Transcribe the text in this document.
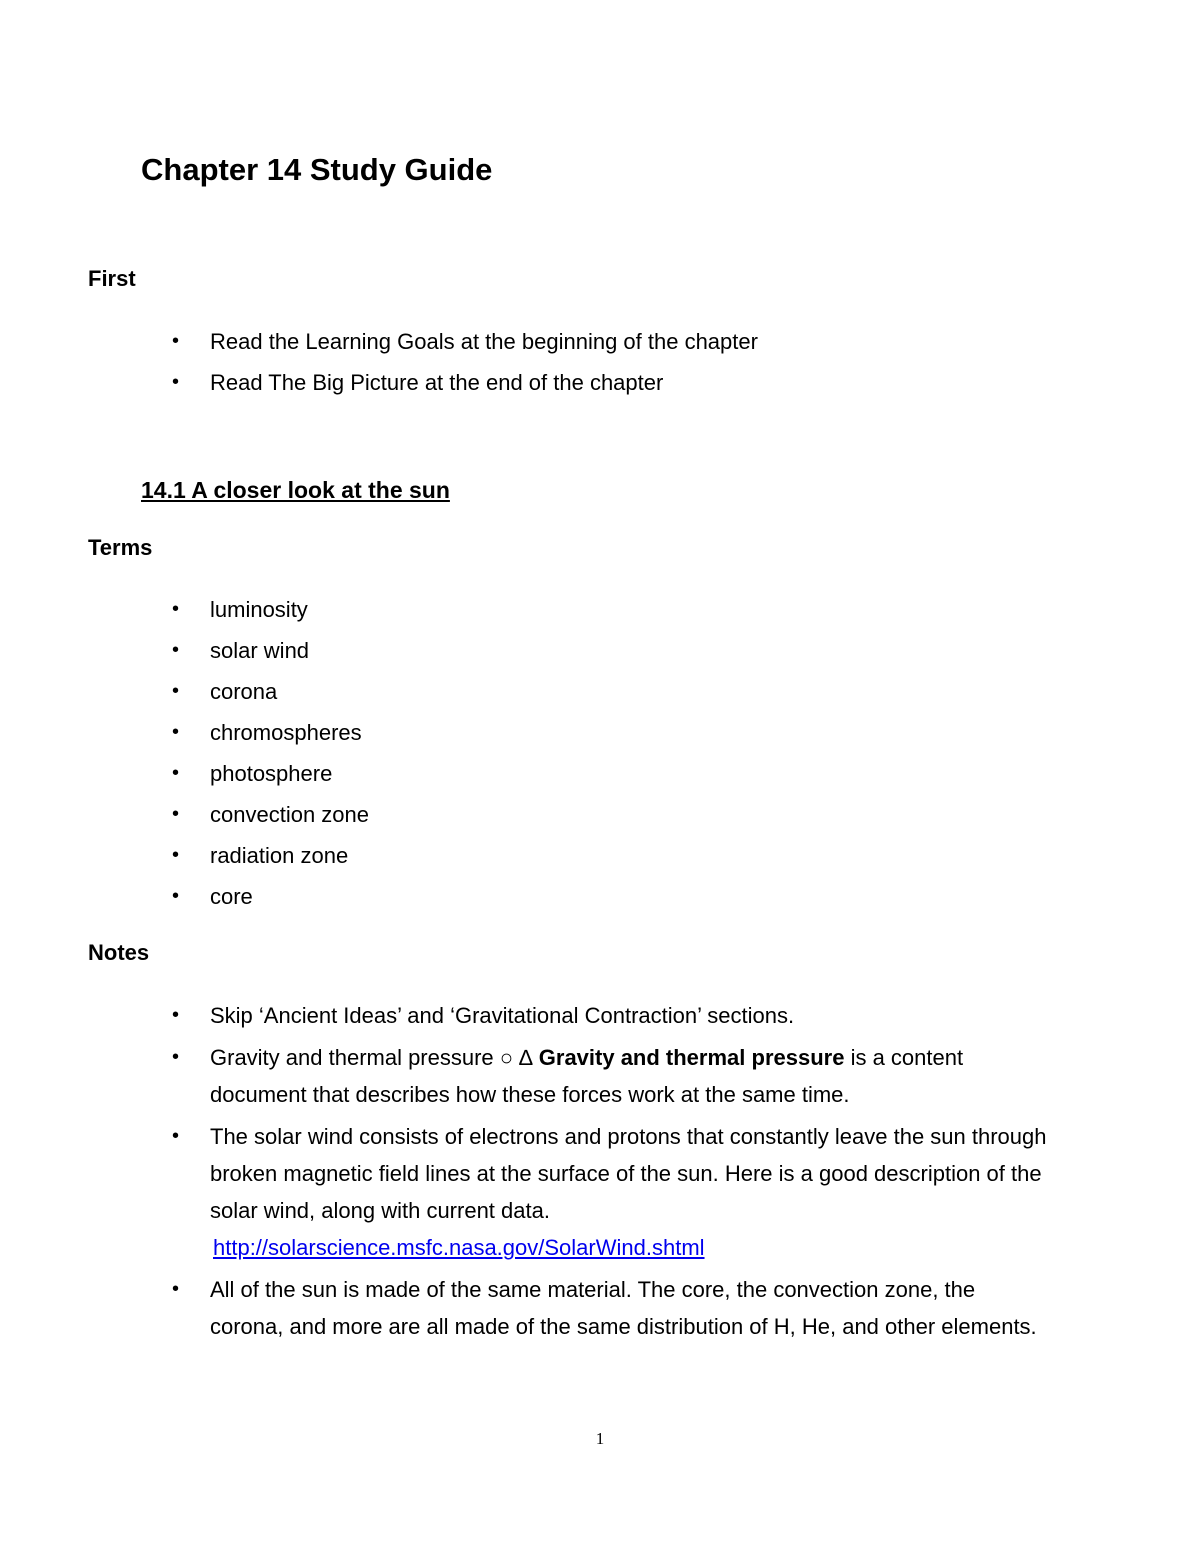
Chapter 14 Study Guide
First
• Read the Learning Goals at the beginning of the chapter
• Read The Big Picture at the end of the chapter
14.1 A closer look at the sun
Terms
• luminosity
• solar wind
• corona
• chromospheres
• photosphere
• convection zone
• radiation zone
• core
Notes
• Skip ‘Ancient Ideas’ and ‘Gravitational Contraction’ sections.
• Gravity and thermal pressure ○ ∆ Gravity and thermal pressure is a content document that describes how these forces work at the same time.
• The solar wind consists of electrons and protons that constantly leave the sun through broken magnetic field lines at the surface of the sun. Here is a good description of the solar wind, along with current data.
http://solarscience.msfc.nasa.gov/SolarWind.shtml
• All of the sun is made of the same material. The core, the convection zone, the corona, and more are all made of the same distribution of H, He, and other elements.
1
